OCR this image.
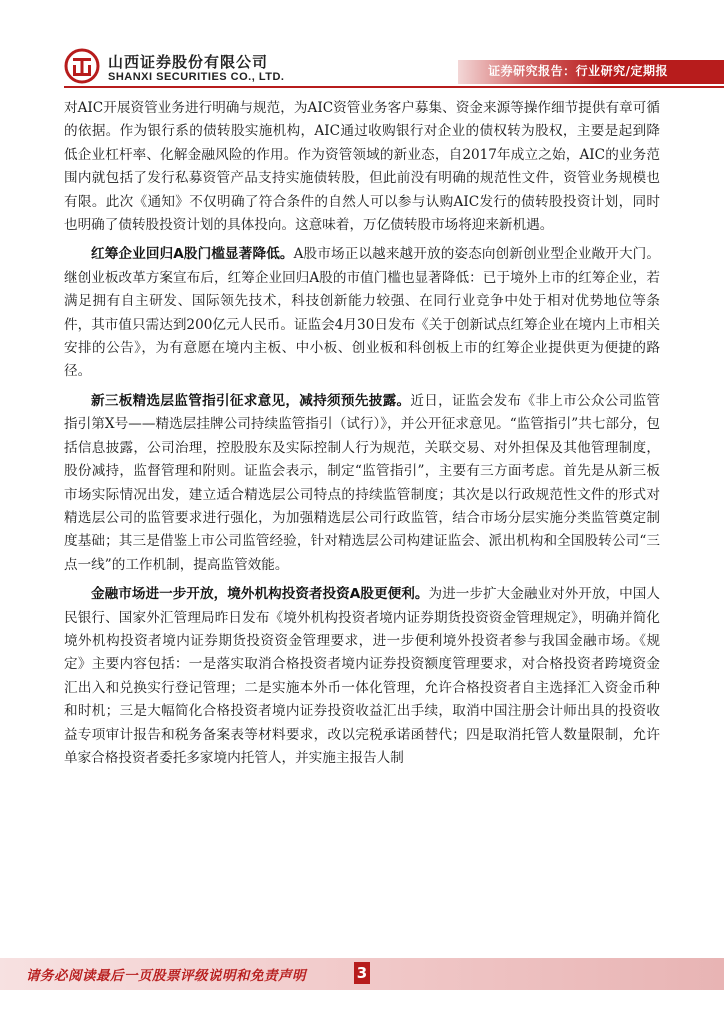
山西证券股份有限公司
SHANXI SECURITIES CO., LTD.	证券研究报告：行业研究/定期报

对AIC开展资管业务进行明确与规范，为AIC资管业务客户募集、资金来源等操作细节提供有章可循的依据。作为银行系的债转股实施机构，AIC通过收购银行对企业的债权转为股权，主要是起到降低企业杠杆率、化解金融风险的作用。作为资管领域的新业态，自2017年成立之始，AIC的业务范围内就包括了发行私募资管产品支持实施债转股，但此前没有明确的规范性文件，资管业务规模也有限。此次《通知》不仅明确了符合条件的自然人可以参与认购AIC发行的债转股投资计划，同时也明确了债转股投资计划的具体投向。这意味着，万亿债转股市场将迎来新机遇。

红筹企业回归A股门槛显著降低。A股市场正以越来越开放的姿态向创新创业型企业敞开大门。继创业板改革方案宣布后，红筹企业回归A股的市值门槛也显著降低：已于境外上市的红筹企业，若满足拥有自主研发、国际领先技术，科技创新能力较强、在同行业竞争中处于相对优势地位等条件，其市值只需达到200亿元人民币。证监会4月30日发布《关于创新试点红筹企业在境内上市相关安排的公告》，为有意愿在境内主板、中小板、创业板和科创板上市的红筹企业提供更为便捷的路径。

新三板精选层监管指引征求意见，减持须预先披露。近日，证监会发布《非上市公众公司监管指引第X号——精选层挂牌公司持续监管指引（试行）》，并公开征求意见。“监管指引”共七部分，包括信息披露，公司治理，控股股东及实际控制人行为规范，关联交易、对外担保及其他管理制度，股份减持，监督管理和附则。证监会表示，制定“监管指引”，主要有三方面考虑。首先是从新三板市场实际情况出发，建立适合精选层公司特点的持续监管制度；其次是以行政规范性文件的形式对精选层公司的监管要求进行强化，为加强精选层公司行政监管，结合市场分层实施分类监管奠定制度基础；其三是借鉴上市公司监管经验，针对精选层公司构建证监会、派出机构和全国股转公司“三点一线”的工作机制，提高监管效能。

金融市场进一步开放，境外机构投资者投资A股更便利。为进一步扩大金融业对外开放，中国人民银行、国家外汇管理局昨日发布《境外机构投资者境内证券期货投资资金管理规定》，明确并简化境外机构投资者境内证券期货投资资金管理要求，进一步便利境外投资者参与我国金融市场。《规定》主要内容包括：一是落实取消合格投资者境内证券投资额度管理要求，对合格投资者跨境资金汇出入和兑换实行登记管理；二是实施本外币一体化管理，允许合格投资者自主选择汇入资金币种和时机；三是大幅简化合格投资者境内证券投资收益汇出手续，取消中国注册会计师出具的投资收益专项审计报告和税务备案表等材料要求，改以完税承诺函替代；四是取消托管人数量限制，允许单家合格投资者委托多家境内托管人，并实施主报告人制

请务必阅读最后一页股票评级说明和免责声明	3
